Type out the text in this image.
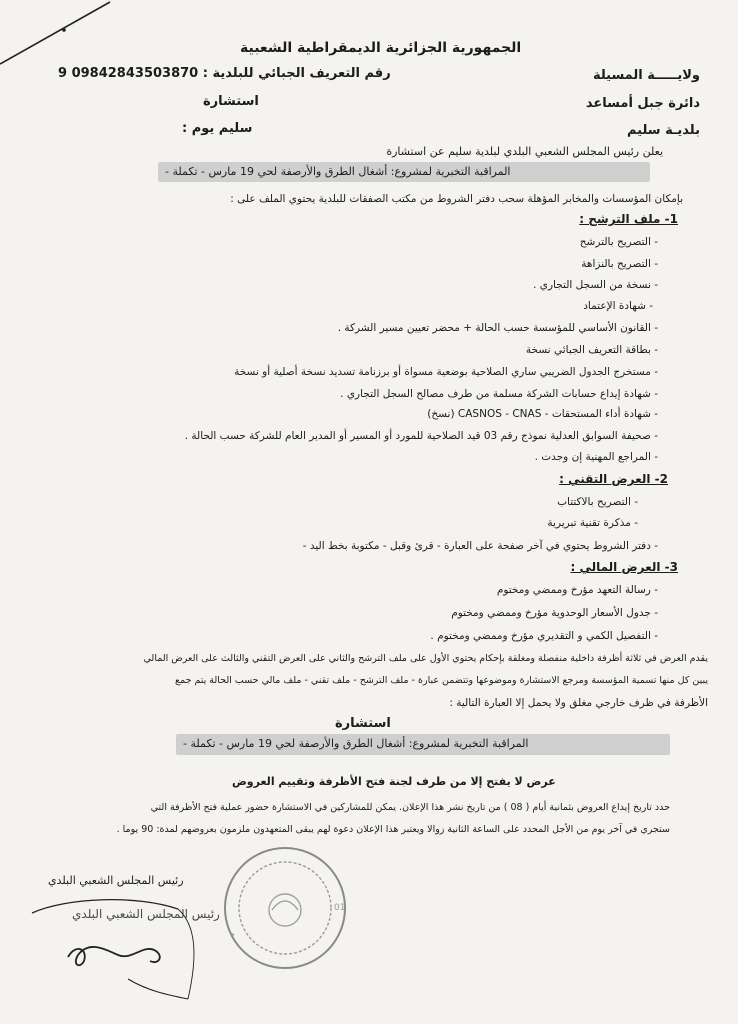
الجمهورية الجزائرية الديمقراطية الشعبية
رقم التعريف الجبائي للبلدية : 09842843503870 9	ولايـــــة المسيلة
دائرة جبل أمساعد
استشارة
بلديـة سليم
سليم يوم :
يعلن رئيس المجلس الشعبي البلدي لبلدية سليم عن استشارة
المراقبة التخبرية لمشروع: أشغال الطرق والأرصفة لحي 19 مارس - تكملة -
بإمكان المؤسسات والمخابر المؤهلة سحب دفتر الشروط من مكتب الصفقات للبلدية يحتوي الملف على :
1- ملف الترشح :
- التصريح بالترشح
- التصريح بالنزاهة
- نسخة من السجل التجاري .
- شهادة الإعتماد
- القانون الأساسي للمؤسسة حسب الحالة + محضر تعيين مسير الشركة .
- بطاقة التعريف الجبائي نسخة
- مستخرج الجدول الضريبي ساري الصلاحية بوضعية مسواة أو برزنامة تسديد نسخة أصلية أو نسخة
- شهادة إيداع حسابات الشركة مسلمة من طرف مصالح السجل التجاري .
- شهادة أداء المستحقات - CASNOS - CNAS (نسخ)
- صحيفة السوابق العدلية نموذج رقم 03 قيد الصلاحية للمورد أو المسير أو المدير العام للشركة حسب الحالة .
- المراجع المهنية إن وجدت .
2- العرض التقني :
- التصريح بالاكتتاب
- مذكرة تقنية تبريرية
- دفتر الشروط يحتوي في آخر صفحة على العبارة - قرئ وقبل - مكتوبة بخط اليد -
3- العرض المالي :
- رسالة التعهد مؤرخ وممضي ومختوم
- جدول الأسعار الوحدوية مؤرخ وممضي ومختوم
- التفصيل الكمي و التقديري مؤرخ وممضي ومختوم .
يقدم العرض في ثلاثة أظرفة داخلية منفصلة ومغلقة بإحكام يحتوي الأول على ملف الترشح والثاني على العرض التقني والثالث على العرض المالي
يبين كل منها تسمية المؤسسة ومرجع الاستشارة وموضوعها وتتضمن عبارة - ملف الترشح - ملف تقني - ملف مالي حسب الحالة يتم جمع
الأظرفة في ظرف خارجي مغلق ولا يحمل إلا العبارة التالية :
استشارة
المراقبة التخبرية لمشروع: أشغال الطرق والأرصفة لحي 19 مارس - تكملة -
عرض لا يفتح إلا من طرف لجنة فتح الأظرفة وتقييم العروض
حدد تاريخ إيداع العروض بثمانية أيام ( 08 ) من تاريخ نشر هذا الإعلان. يمكن للمشاركين في الاستشارة حضور عملية فتح الأظرفة التي
ستجري في آخر يوم من الأجل المحدد على الساعة الثانية زوالا ويعتبر هذا الإعلان دعوة لهم يبقى المتعهدون ملزمون بعروضهم لمدة: 90 يوما .
رئيس المجلس الشعبي البلدي
•
01
رئيس المجلس الشعبي البلدي
